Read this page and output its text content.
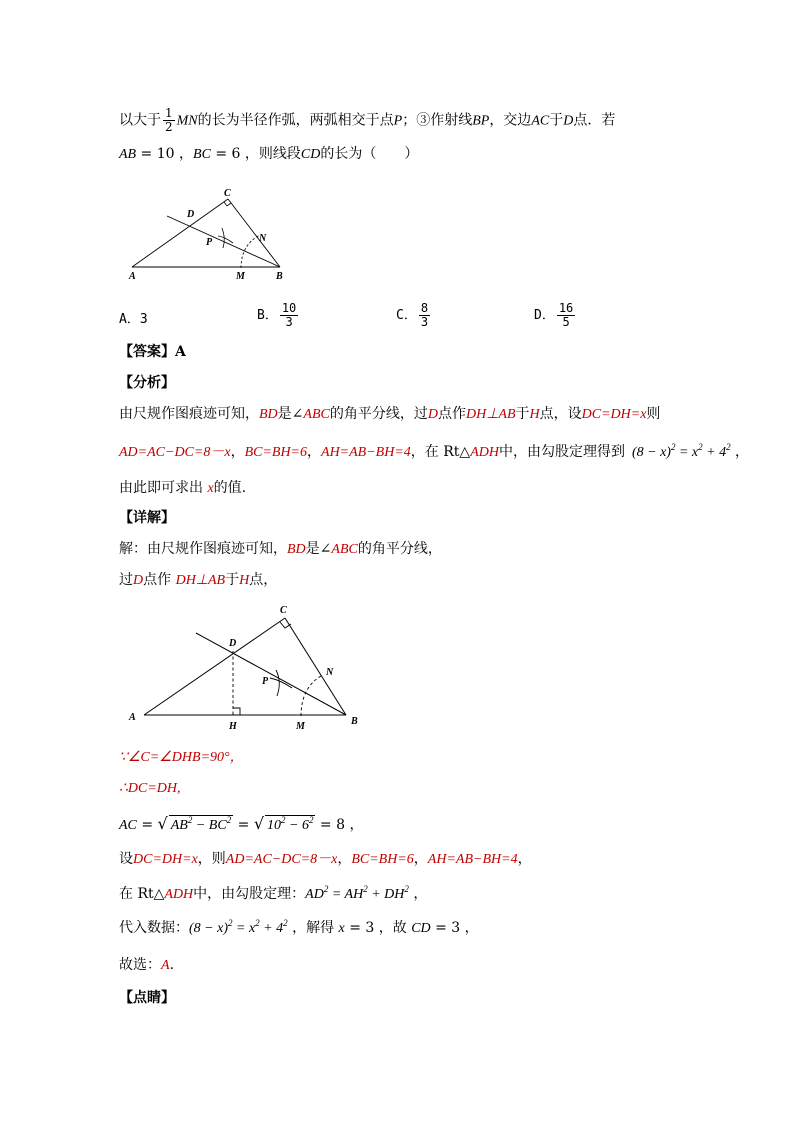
以大于 $\frac{1}{2}$ MN的长为半径作弧，两弧相交于点P；③作射线BP，交边AC于D点．若
AB = 10 ，BC = 6 ，则线段CD的长为（　　）
C
D
P	N
A	M	B
A．3	B． $\frac{10}{3}$	C． $\frac{8}{3}$	D． $\frac{16}{5}$
【答案】A
【分析】
由尺规作图痕迹可知，BD是∠ABC的角平分线，过D点作DH⊥AB于H点，设DC=DH=x则
AD=AC−DC=8－x，BC=BH=6，AH=AB−BH=4，在 Rt△ADH中，由勾股定理得到  $(8 - x)^2 = x^2 + 4^2$ ，
由此即可求出 x的值.
【详解】
解：由尺规作图痕迹可知，BD是∠ABC的角平分线，
过D点作 DH⊥AB于H点，
C
D
P
N
A
H	M	B
∵∠C=∠DHB=90°，
∴DC=DH,
AC = √ $AB^2 - BC^2$ = √ $10^2 - 6^2 = 8$ ，
设DC=DH=x，则AD=AC−DC=8－x，BC=BH=6，AH=AB−BH=4，
在 Rt△ADH中，由勾股定理：$AD^2 = AH^2 + DH^2$ ，
代入数据：$(8 - x)^2 = x^2 + 4^2$ ，解得 x = 3 ，故 CD = 3 ，
故选：A.
【点睛】
